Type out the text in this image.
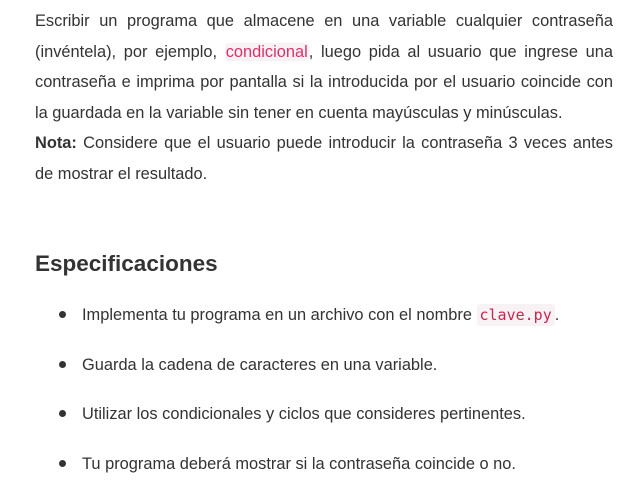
Escribir un programa que almacene en una variable cualquier contraseña (invéntela), por ejemplo, condicional, luego pida al usuario que ingrese una contraseña e imprima por pantalla si la introducida por el usuario coincide con la guardada en la variable sin tener en cuenta mayúsculas y minúsculas.

Nota: Considere que el usuario puede introducir la contraseña 3 veces antes de mostrar el resultado.

Especificaciones
Implementa tu programa en un archivo con el nombre clave.py .
Guarda la cadena de caracteres en una variable.
Utilizar los condicionales y ciclos que consideres pertinentes.
Tu programa deberá mostrar si la contraseña coincide o no.
